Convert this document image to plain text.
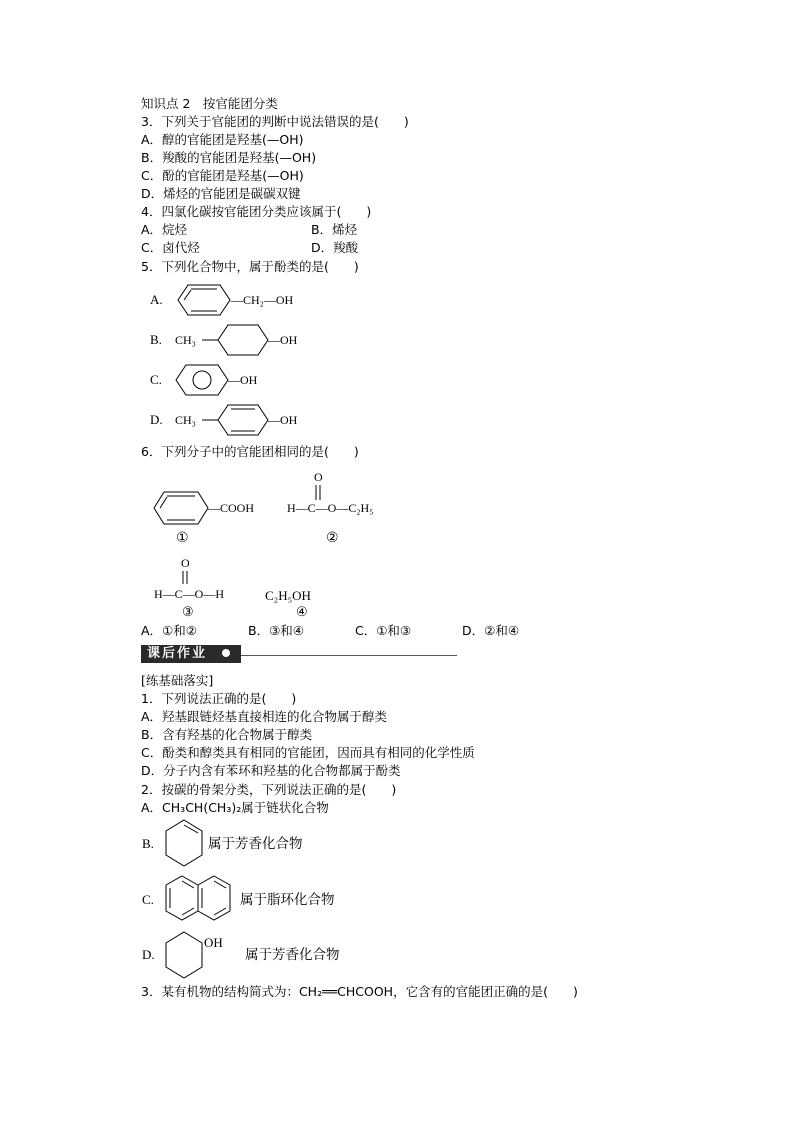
知识点 2　按官能团分类
3．下列关于官能团的判断中说法错误的是(　　)
A．醇的官能团是羟基(—OH)
B．羧酸的官能团是羟基(—OH)
C．酚的官能团是羟基(—OH)
D．烯烃的官能团是碳碳双键
4．四氯化碳按官能团分类应该属于(　　)
A．烷烃	B．烯烃
C．卤代烃	D．羧酸
5．下列化合物中，属于酚类的是(　　)
A.	—CH₂—OH
B. CH₃	—OH
C.	—OH
D. CH₃	—OH
6．下列分子中的官能团相同的是(　　)
—COOH
①
O
H—C—O—C₂H₅
②
O
H—C—O—H
③
C₂H₅OH
④
A．①和②	B．③和④	C．①和③	D．②和④
课后作业
[练基础落实]
1．下列说法正确的是(　　)
A．羟基跟链烃基直接相连的化合物属于醇类
B．含有羟基的化合物属于醇类
C．酚类和醇类具有相同的官能团，因而具有相同的化学性质
D．分子内含有苯环和羟基的化合物都属于酚类
2．按碳的骨架分类，下列说法正确的是(　　)
A．CH₃CH(CH₃)₂属于链状化合物
B.	属于芳香化合物
C.	属于脂环化合物
D.
OH
属于芳香化合物
3．某有机物的结构简式为：CH₂══CHCOOH，它含有的官能团正确的是(　　)
